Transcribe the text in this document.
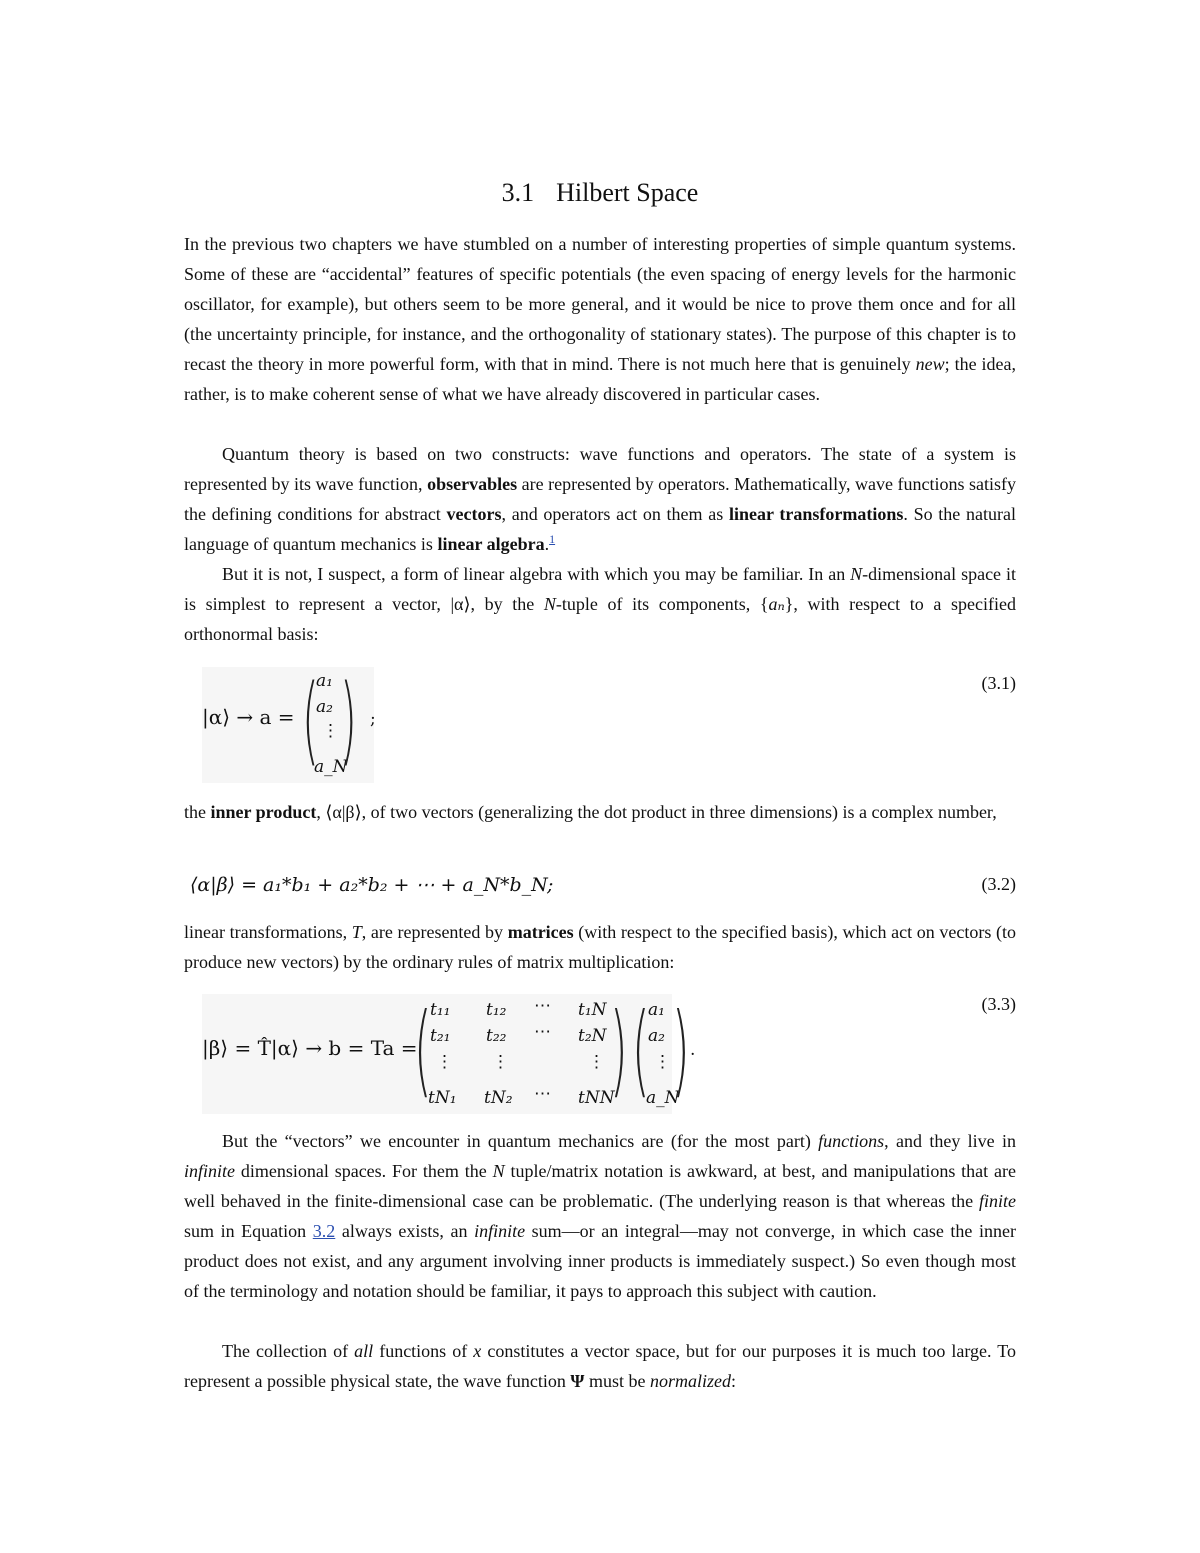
3.1 Hilbert Space

In the previous two chapters we have stumbled on a number of interesting properties of simple quantum systems. Some of these are “accidental” features of specific potentials (the even spacing of energy levels for the harmonic oscillator, for example), but others seem to be more general, and it would be nice to prove them once and for all (the uncertainty principle, for instance, and the orthogonality of stationary states). The purpose of this chapter is to recast the theory in more powerful form, with that in mind. There is not much here that is genuinely new; the idea, rather, is to make coherent sense of what we have already discovered in particular cases.

Quantum theory is based on two constructs: wave functions and operators. The state of a system is represented by its wave function, observables are represented by operators. Mathematically, wave functions satisfy the defining conditions for abstract vectors, and operators act on them as linear transformations. So the natural language of quantum mechanics is linear algebra.$^1$

But it is not, I suspect, a form of linear algebra with which you may be familiar. In an N-dimensional space it is simplest to represent a vector, |α⟩, by the N-tuple of its components, {aₙ}, with respect to a specified orthonormal basis:

|α⟩ → a = (
a₁
a₂
⋮
a_N
) ;
(3.1)

the inner product, ⟨α|β⟩, of two vectors (generalizing the dot product in three dimensions) is a complex number,

⟨α|β⟩ = a₁*b₁ + a₂*b₂ + ⋯ + a_N*b_N;	(3.2)

linear transformations, T, are represented by matrices (with respect to the specified basis), which act on vectors (to produce new vectors) by the ordinary rules of matrix multiplication:

|β⟩ = T̂|α⟩ → b = Ta =
(
t₁₁ t₁₂ ⋯ t₁N
t₂₁ t₂₂ ⋯ t₂N
⋮ ⋮	⋮
tN₁ tN₂ ⋯ tNN
) (
a₁
a₂
⋮
a_N
) .
(3.3)

But the “vectors” we encounter in quantum mechanics are (for the most part) functions, and they live in infinite dimensional spaces. For them the N tuple/matrix notation is awkward, at best, and manipulations that are well behaved in the finite-dimensional case can be problematic. (The underlying reason is that whereas the finite sum in Equation 3.2 always exists, an infinite sum—or an integral—may not converge, in which case the inner product does not exist, and any argument involving inner products is immediately suspect.) So even though most of the terminology and notation should be familiar, it pays to approach this subject with caution.

The collection of all functions of x constitutes a vector space, but for our purposes it is much too large. To represent a possible physical state, the wave function Ψ must be normalized:
